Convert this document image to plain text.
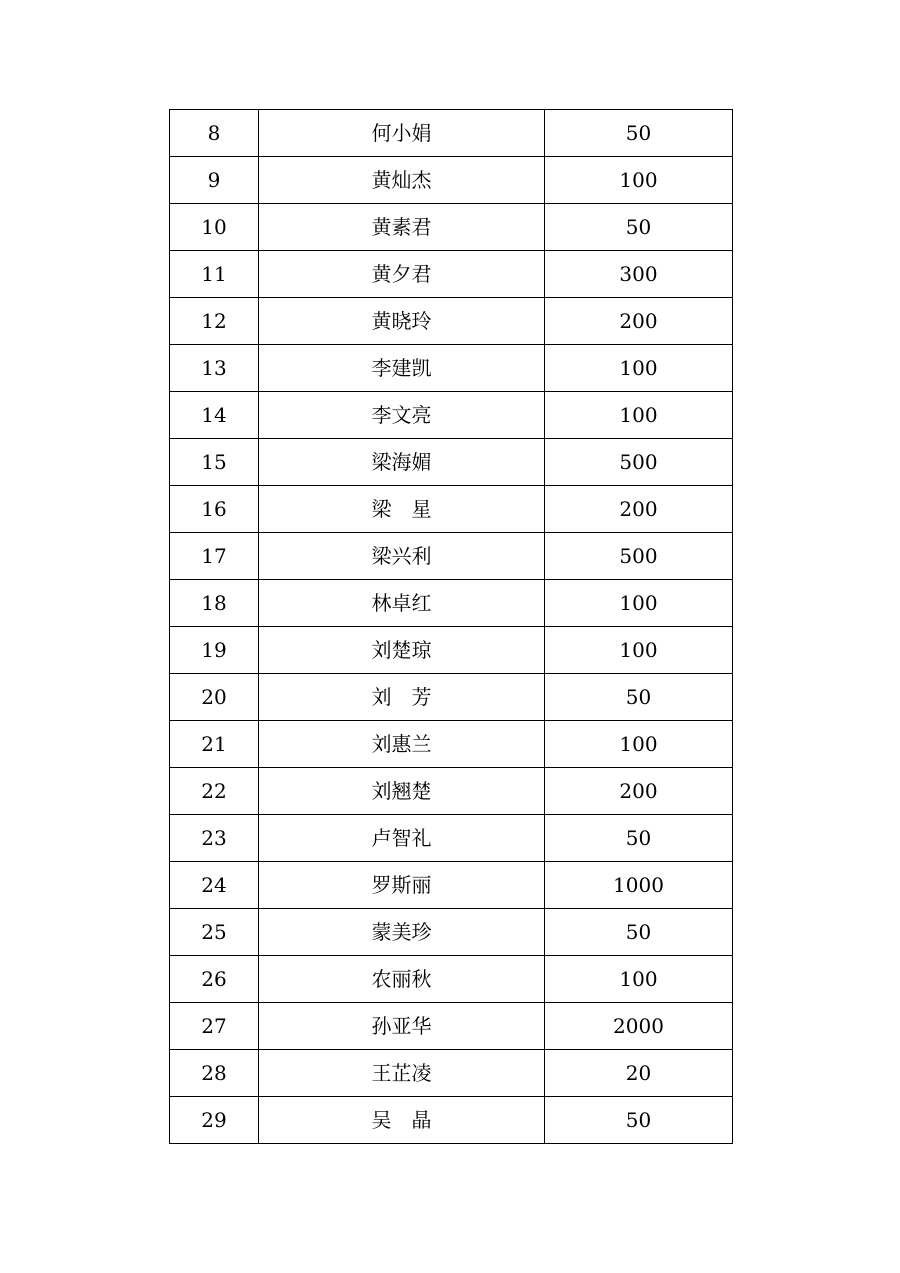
8	何小娟	50
9	黄灿杰	100
10	黄素君	50
11	黄夕君	300
12	黄晓玲	200
13	李建凯	100
14	李文亮	100
15	梁海媚	500
16	梁　星	200
17	梁兴利	500
18	林卓红	100
19	刘楚琼	100
20	刘　芳	50
21	刘惠兰	100
22	刘翘楚	200
23	卢智礼	50
24	罗斯丽	1000
25	蒙美珍	50
26	农丽秋	100
27	孙亚华	2000
28	王芷凌	20
29	吴　晶	50
